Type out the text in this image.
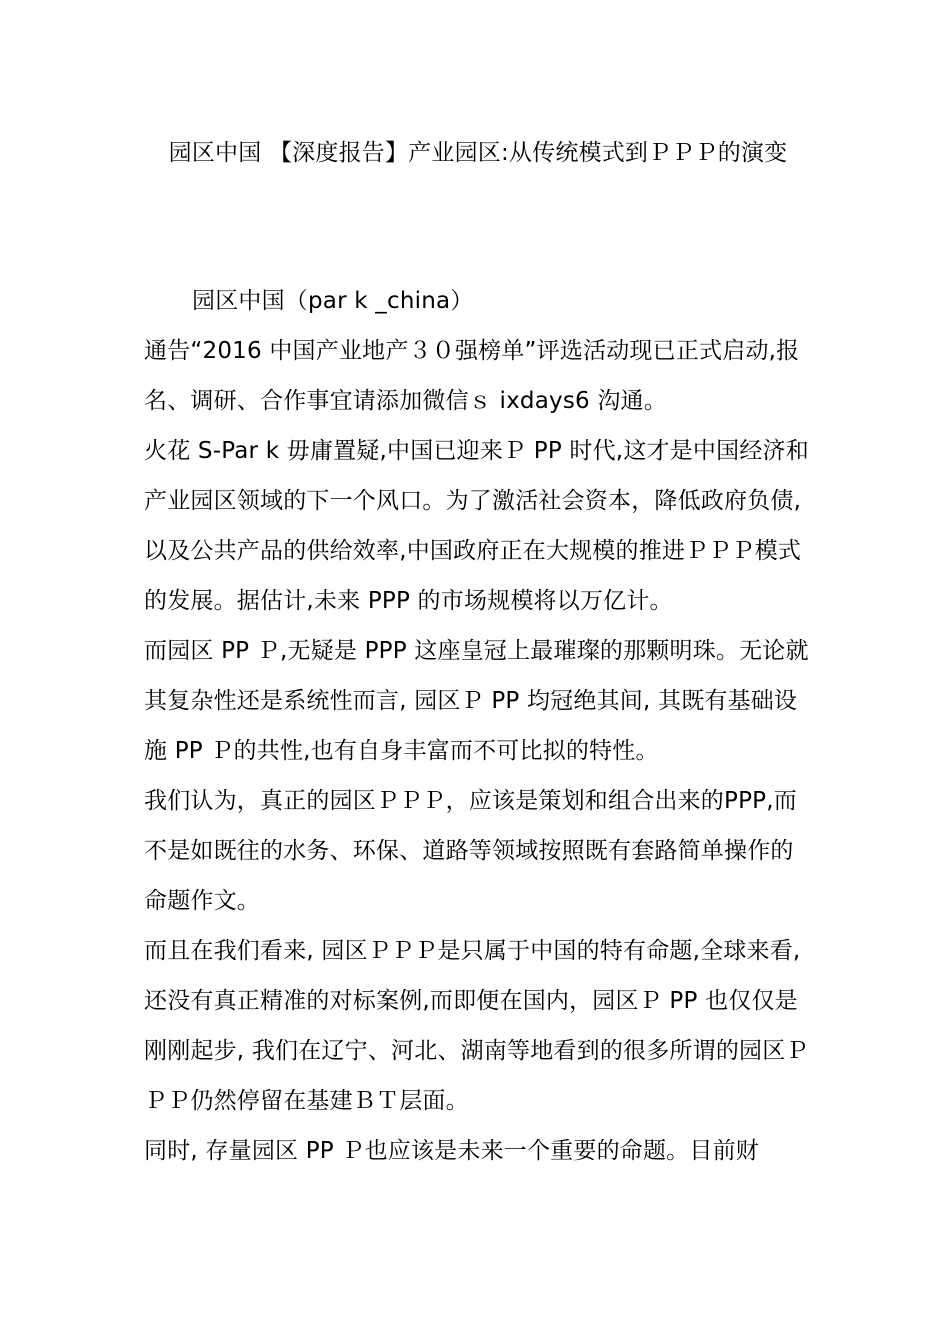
园区中国 【深度报告】产业园区:从传统模式到ＰＰＰ的演变

园区中国（par k _china）

通告“2016 中国产业地产３０强榜单”评选活动现已正式启动,报名、调研、合作事宜请添加微信ｓ ixdays6 沟通。

火花 S-Par k 毋庸置疑,中国已迎来Ｐ PP 时代,这才是中国经济和产业园区领域的下一个风口。为了激活社会资本，降低政府负债, 以及公共产品的供给效率,中国政府正在大规模的推进ＰＰＰ模式的发展。据估计,未来 PPP 的市场规模将以万亿计。

而园区 PP Ｐ,无疑是 PPP 这座皇冠上最璀璨的那颗明珠。无论就其复杂性还是系统性而言, 园区Ｐ PP 均冠绝其间, 其既有基础设施 PP Ｐ的共性,也有自身丰富而不可比拟的特性。

我们认为，真正的园区ＰＰＰ，应该是策划和组合出来的PPP,而不是如既往的水务、环保、道路等领域按照既有套路简单操作的命题作文。

而且在我们看来, 园区ＰＰＰ是只属于中国的特有命题,全球来看,还没有真正精准的对标案例,而即便在国内，园区Ｐ PP 也仅仅是刚刚起步, 我们在辽宁、河北、湖南等地看到的很多所谓的园区ＰＰＰ仍然停留在基建ＢＴ层面。

同时, 存量园区 PP Ｐ也应该是未来一个重要的命题。目前财
